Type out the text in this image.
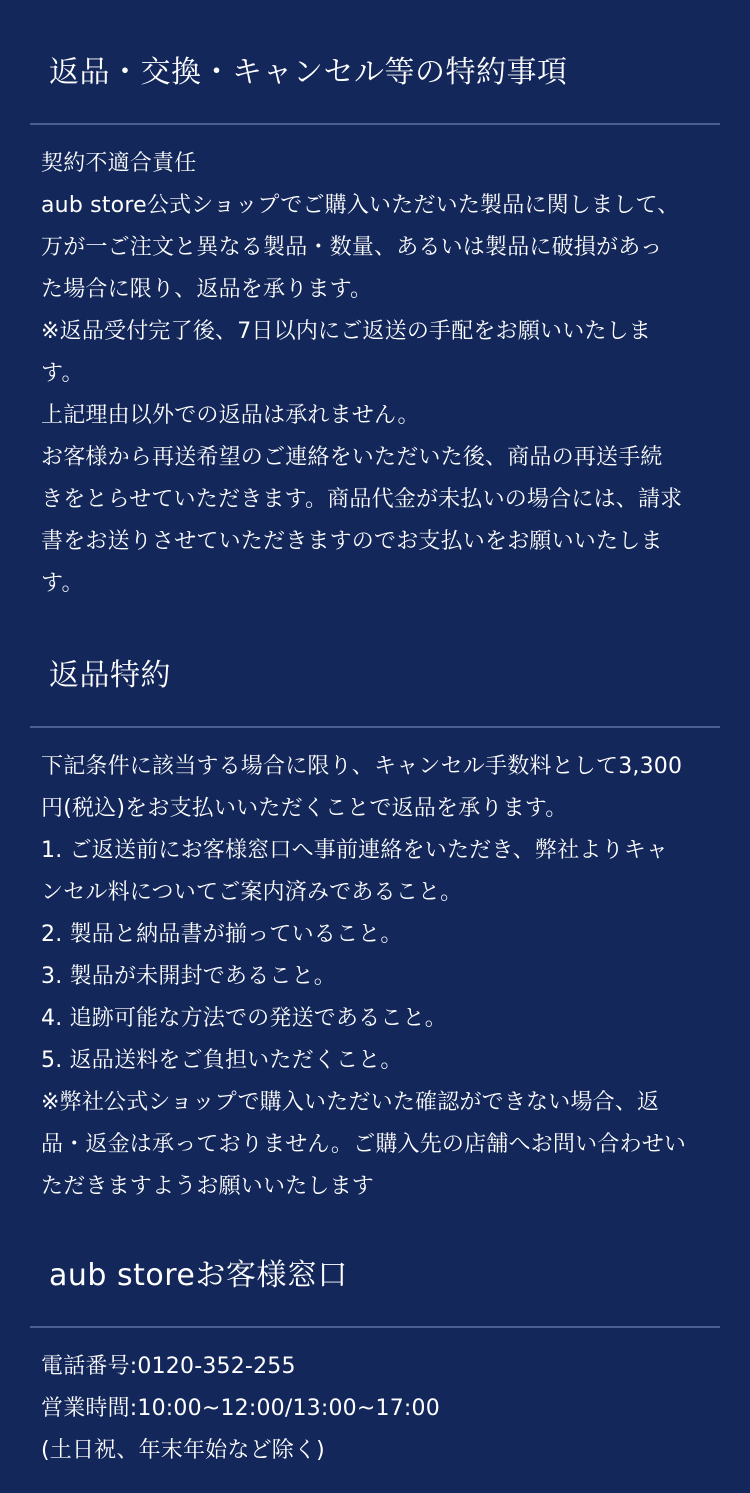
返品・交換・キャンセル等の特約事項
契約不適合責任
aub store公式ショップでご購入いただいた製品に関しまして、
万が一ご注文と異なる製品・数量、あるいは製品に破損があっ
た場合に限り、返品を承ります。
※返品受付完了後、7日以内にご返送の手配をお願いいたしま
す。
上記理由以外での返品は承れません。
お客様から再送希望のご連絡をいただいた後、商品の再送手続
きをとらせていただきます。商品代金が未払いの場合には、請求
書をお送りさせていただきますのでお支払いをお願いいたしま
す。
返品特約
下記条件に該当する場合に限り、キャンセル手数料として3,300
円(税込)をお支払いいただくことで返品を承ります。
1. ご返送前にお客様窓口へ事前連絡をいただき、弊社よりキャ
ンセル料についてご案内済みであること。
2. 製品と納品書が揃っていること。
3. 製品が未開封であること。
4. 追跡可能な方法での発送であること。
5. 返品送料をご負担いただくこと。
※弊社公式ショップで購入いただいた確認ができない場合、返
品・返金は承っておりません。ご購入先の店舗へお問い合わせい
ただきますようお願いいたします
aub storeお客様窓口
電話番号:0120-352-255
営業時間:10:00~12:00/13:00~17:00
(土日祝、年末年始など除く)
